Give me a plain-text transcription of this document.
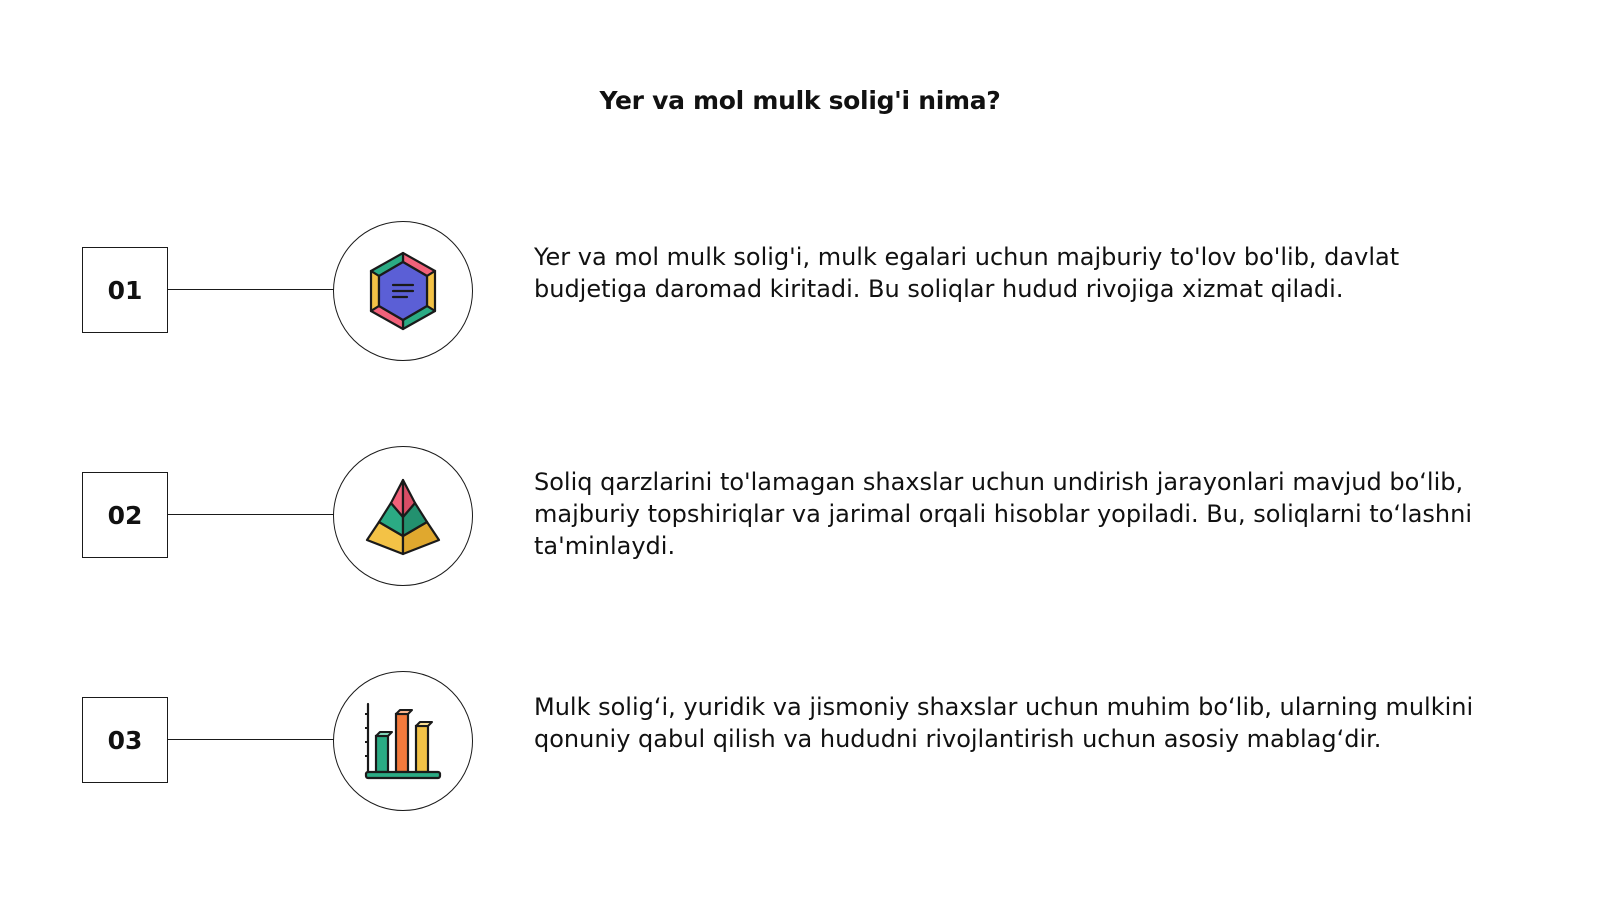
Yer va mol mulk solig'i nima?
01

Yer va mol mulk solig'i, mulk egalari uchun majburiy to'lov bo'lib, davlat budjetiga daromad kiritadi. Bu soliqlar hudud rivojiga xizmat qiladi.

02

Soliq qarzlarini to'lamagan shaxslar uchun undirish jarayonlari mavjud bo‘lib, majburiy topshiriqlar va jarimal orqali hisoblar yopiladi. Bu, soliqlarni to‘lashni ta'minlaydi.

03

Mulk solig‘i, yuridik va jismoniy shaxslar uchun muhim bo‘lib, ularning mulkini qonuniy qabul qilish va hududni rivojlantirish uchun asosiy mablag‘dir.
